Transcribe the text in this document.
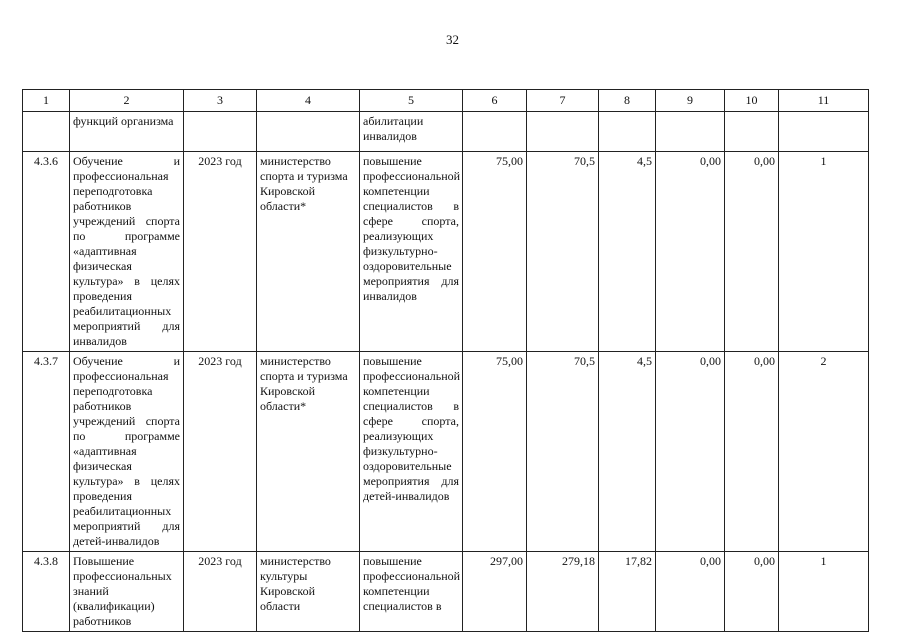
32
1	2	3	4	5	6	7	8	9	10	11
	функций организма			абилитации инвалидов						
4.3.6	Обучение и профессиональная переподготовка работников учреждений спорта по программе «адаптивная физическая культура» в целях проведения реабилитационных мероприятий для инвалидов	2023 год	министерство спорта и туризма Кировской области*	повышение профессиональной компетенции специалистов в сфере спорта, реализующих физкультурно-оздоровительные мероприятия для инвалидов	75,00	70,5	4,5	0,00	0,00	1
4.3.7	Обучение и профессиональная переподготовка работников учреждений спорта по программе «адаптивная физическая культура» в целях проведения реабилитационных мероприятий для детей-инвалидов	2023 год	министерство спорта и туризма Кировской области*	повышение профессиональной компетенции специалистов в сфере спорта, реализующих физкультурно-оздоровительные мероприятия для детей-инвалидов	75,00	70,5	4,5	0,00	0,00	2
4.3.8	Повышение профессиональных знаний (квалификации) работников	2023 год	министерство культуры Кировской области	повышение профессиональной компетенции специалистов в	297,00	279,18	17,82	0,00	0,00	1
